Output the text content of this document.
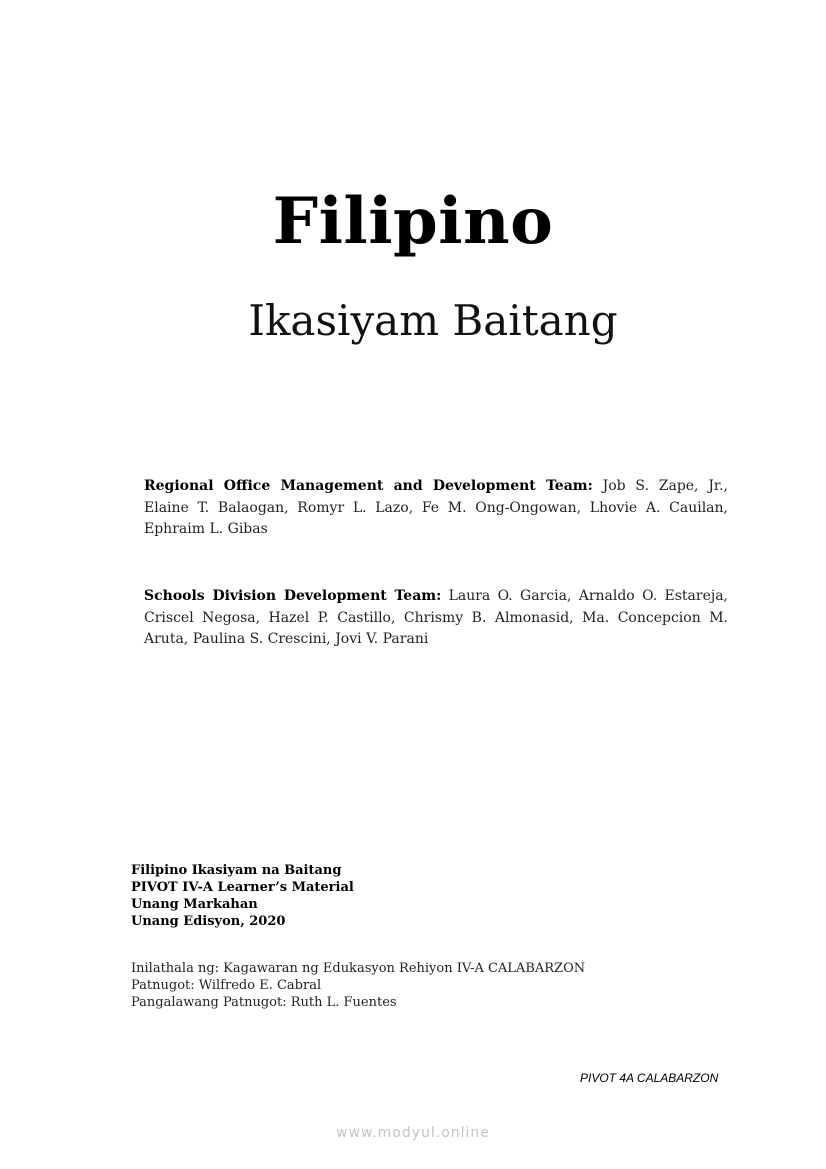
Filipino
Ikasiyam Baitang
Regional Office Management and Development Team: Job S. Zape, Jr., Elaine T. Balaogan, Romyr L. Lazo, Fe M. Ong-Ongowan, Lhovie A. Cauilan, Ephraim L. Gibas
Schools Division Development Team: Laura O. Garcia, Arnaldo O. Estareja, Criscel Negosa, Hazel P. Castillo, Chrismy B. Almonasid, Ma. Concepcion M. Aruta, Paulina S. Crescini, Jovi V. Parani
Filipino Ikasiyam na Baitang
PIVOT IV-A Learner’s Material
Unang Markahan
Unang Edisyon, 2020
Inilathala ng: Kagawaran ng Edukasyon Rehiyon IV-A CALABARZON
Patnugot: Wilfredo E. Cabral
Pangalawang Patnugot: Ruth L. Fuentes
PIVOT 4A CALABARZON
www.modyul.online
